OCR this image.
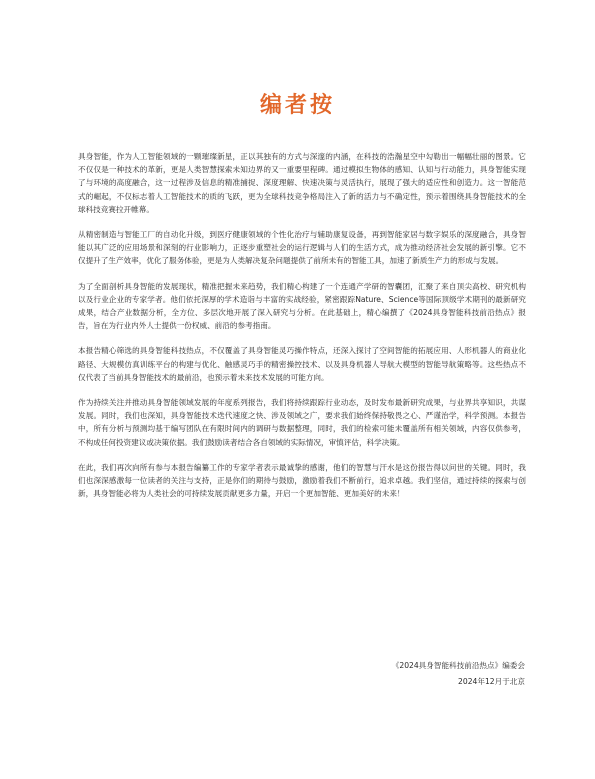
编者按

具身智能，作为人工智能领域的一颗璀璨新星，正以其独有的方式与深邃的内涵，在科技的浩瀚星空中勾勒出一幅幅壮丽的图景。它不仅仅是一种技术的革新，更是人类智慧探索未知边界的又一重要里程碑。通过模拟生物体的感知、认知与行动能力，具身智能实现了与环境的高度融合，这一过程涉及信息的精准捕捉、深度理解、快速决策与灵活执行，展现了强大的适应性和创造力。这一智能范式的崛起，不仅标志着人工智能技术的质的飞跃，更为全球科技竞争格局注入了新的活力与不确定性，预示着围绕具身智能技术的全球科技竞赛拉开帷幕。

从精密制造与智能工厂的自动化升级，到医疗健康领域的个性化治疗与辅助康复设备，再到智能家居与数字娱乐的深度融合，具身智能以其广泛的应用场景和深刻的行业影响力，正逐步重塑社会的运行逻辑与人们的生活方式，成为推动经济社会发展的新引擎。它不仅提升了生产效率，优化了服务体验，更是为人类解决复杂问题提供了前所未有的智能工具，加速了新质生产力的形成与发展。

为了全面剖析具身智能的发展现状，精准把握未来趋势，我们精心构建了一个连通产学研的智囊团，汇聚了来自顶尖高校、研究机构以及行业企业的专家学者。他们依托深厚的学术造诣与丰富的实战经验，紧密跟踪Nature、Science等国际顶级学术期刊的最新研究成果，结合产业数据分析，全方位、多层次地开展了深入研究与分析。在此基础上，精心编撰了《2024具身智能科技前沿热点》报告，旨在为行业内外人士提供一份权威、前沿的参考指南。

本报告精心筛选的具身智能科技热点，不仅覆盖了具身智能灵巧操作特点，还深入探讨了空间智能的拓展应用、人形机器人的商业化路径、大规模仿真训练平台的构建与优化、触感灵巧手的精密操控技术、以及具身机器人导航大模型的智能导航策略等。这些热点不仅代表了当前具身智能技术的最前沿，也预示着未来技术发展的可能方向。

作为持续关注并推动具身智能领域发展的年度系列报告，我们将持续跟踪行业动态，及时发布最新研究成果，与业界共享知识，共谋发展。同时，我们也深知，具身智能技术迭代速度之快、涉及领域之广，要求我们始终保持敬畏之心、严谨治学，科学预测。本报告中，所有分析与预测均基于编写团队在有限时间内的调研与数据整理，同时，我们的检索可能未覆盖所有相关领域，内容仅供参考，不构成任何投资建议或决策依据。我们鼓励读者结合各自领域的实际情况，审慎评估，科学决策。

在此，我们再次向所有参与本报告编纂工作的专家学者表示最诚挚的感谢，他们的智慧与汗水是这份报告得以问世的关键。同时，我们也深深感激每一位读者的关注与支持，正是你们的期待与鼓励，激励着我们不断前行，追求卓越。我们坚信，通过持续的探索与创新，具身智能必将为人类社会的可持续发展贡献更多力量，开启一个更加智能、更加美好的未来！

《2024具身智能科技前沿热点》编委会
2024年12月于北京
